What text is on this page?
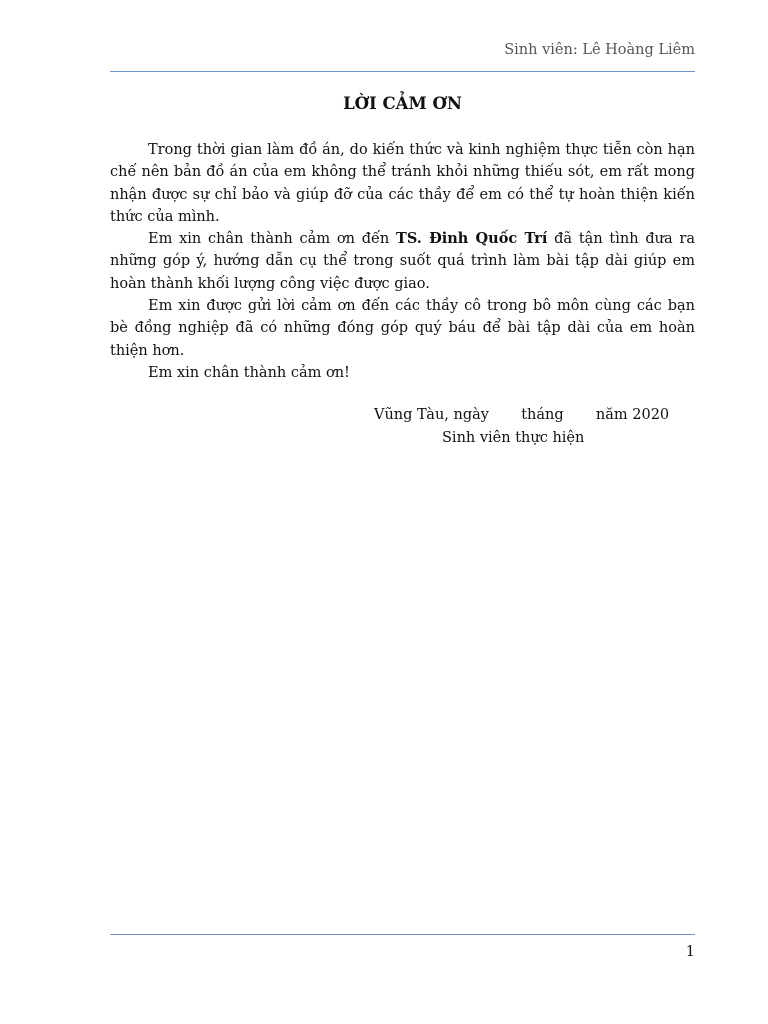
Sinh viên: Lê Hoàng Liêm
LỜI CẢM ƠN

Trong thời gian làm đồ án, do kiến thức và kinh nghiệm thực tiễn còn hạn chế nên bản đồ án của em không thể tránh khỏi những thiếu sót, em rất mong nhận được sự chỉ bảo và giúp đỡ của các thầy để em có thể tự hoàn thiện kiến thức của mình.

Em xin chân thành cảm ơn đến TS. Đinh Quốc Trí đã tận tình đưa ra những góp ý, hướng dẫn cụ thể trong suốt quá trình làm bài tập dài giúp em hoàn thành khối lượng công việc được giao.

Em xin được gửi lời cảm ơn đến các thầy cô trong bô môn cùng các bạn bè đồng nghiệp đã có những đóng góp quý báu để bài tập dài của em hoàn thiện hơn.

Em xin chân thành cảm ơn!

Vũng Tàu, ngày       tháng       năm 2020
Sinh viên thực hiện
1
